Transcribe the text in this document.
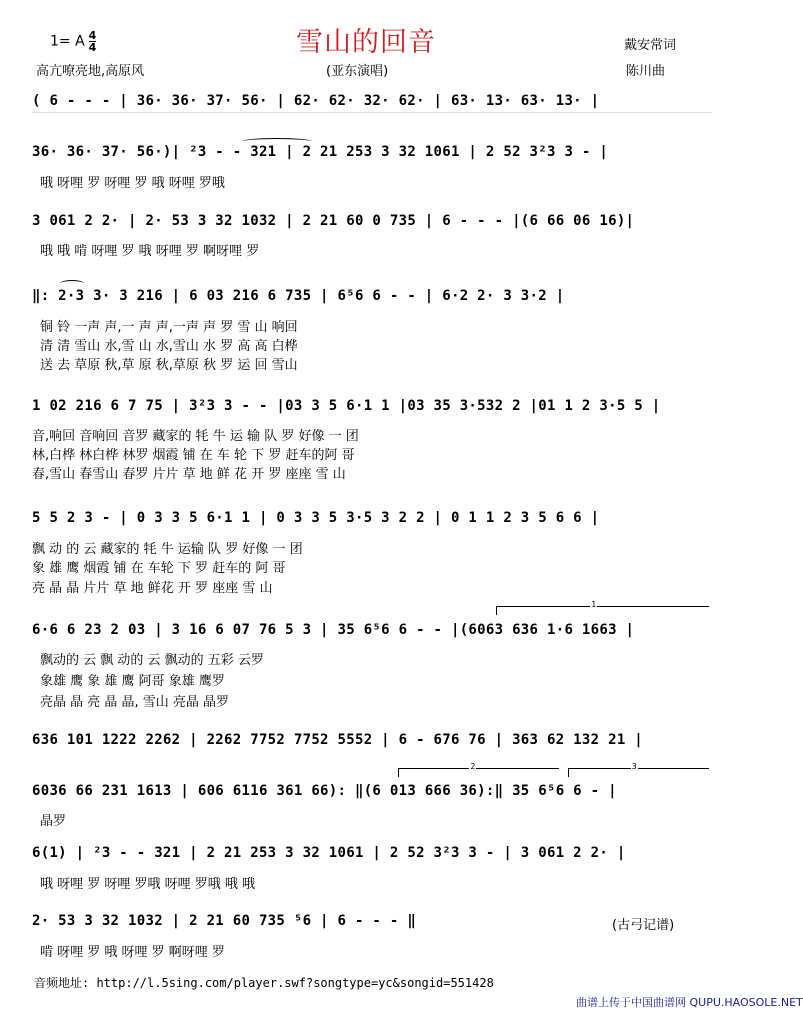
1= A $\frac{4}{4}$	雪山的回音	戴安常词
高亢嘹亮地,高原风	(亚东演唱)	陈川曲
( 6 - - - | 36· 36· 37· 56· | 62· 62· 32· 62· | 63· 13· 63· 13· |
36· 36· 37· 56·)| ²3 - - 321 | 2 21 253 3 32 1061 | 2 52 3²3 3 - |
哦 呀哩 罗 呀哩 罗 哦 呀哩 罗哦
3 061 2 2· | 2· 53 3 32 1032 | 2 21 60 0 735 | 6 - - - |(6 66 06 16)|
哦 哦 啃 呀哩 罗 哦 呀哩 罗 啊呀哩 罗
‖: 2·3 3· 3 216 | 6 03 216 6 735 | 6⁵6 6 - - | 6·2 2· 3 3·2 |
铜 铃 一声 声,一 声 声,一声 声 罗 雪 山 响回
清 清 雪山 水,雪 山 水,雪山 水 罗 高 高 白桦
送 去 草原 秋,草 原 秋,草原 秋 罗 运 回 雪山
1 02 216 6 7 75 | 3²3 3 - - |03 3 5 6·1 1 |03 35 3·532 2 |01 1 2 3·5 5 |
音,响回 音响回 音罗 藏家的 牦 牛 运 输 队 罗 好像 一 团
林,白桦 林白桦 林罗 烟霞 铺 在 车 轮 下 罗 赶车的阿 哥
春,雪山 春雪山 春罗 片片 草 地 鲜 花 开 罗 座座 雪 山
5 5 2 3 - | 0 3 3 5 6·1 1 | 0 3 3 5 3·5 3 2 2 | 0 1 1 2 3 5 6 6 |
飘 动 的 云 藏家的 牦 牛 运输 队 罗 好像 一 团
象 雄 鹰 烟霞 铺 在 车轮 下 罗 赶车的 阿 哥
亮 晶 晶 片片 草 地 鲜花 开 罗 座座 雪 山
1
6·6 6 23 2 03 | 3 16 6 07 76 5 3 | 35 6⁵6 6 - - |(6063 636 1·6 1663 |
飘动的 云 飘 动的 云 飘动的 五彩 云罗
象雄 鹰 象 雄 鹰 阿哥 象雄 鹰罗
亮晶 晶 亮 晶 晶, 雪山 亮晶 晶罗
636 101 1222 2262 | 2262 7752 7752 5552 | 6 - 676 76 | 363 62 132 21 |
2	3
6036 66 231 1613 | 606 6116 361 66): ‖(6 013 666 36):‖ 35 6⁵6 6 - |
晶罗
6(1) | ²3 - - 321 | 2 21 253 3 32 1061 | 2 52 3²3 3 - | 3 061 2 2· |
哦 呀哩 罗 呀哩 罗哦 呀哩 罗哦 哦 哦
2· 53 3 32 1032 | 2 21 60 735 ⁵6 | 6 - - - ‖	(古弓记谱)
啃 呀哩 罗 哦 呀哩 罗 啊呀哩 罗
音频地址: http://l.5sing.com/player.swf?songtype=yc&songid=551428
曲谱上传于中国曲谱网 QUPU.HAOSOLE.NET
